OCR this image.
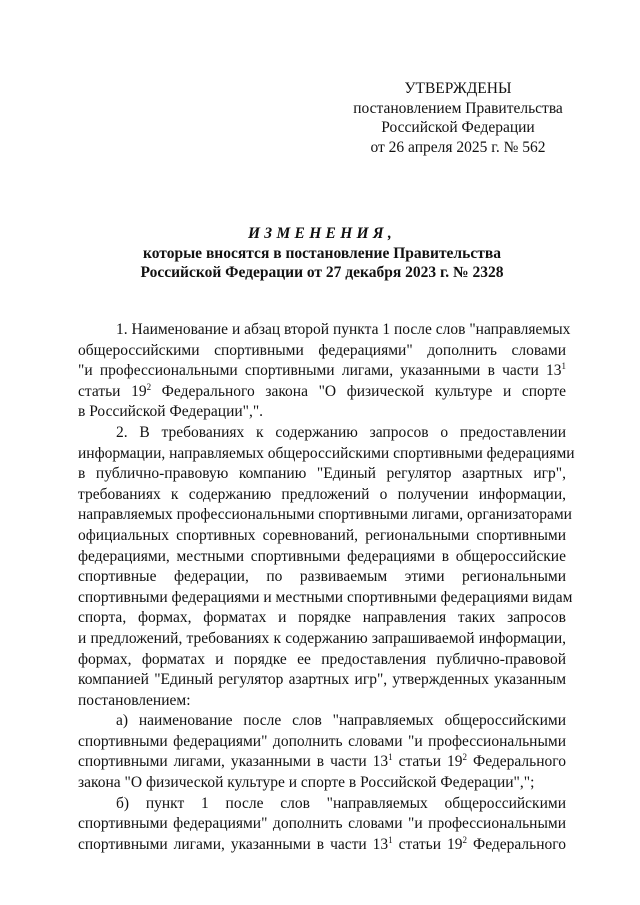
УТВЕРЖДЕНЫ
постановлением Правительства
Российской Федерации
от 26 апреля 2025 г. № 562
ИЗМЕНЕНИЯ,
которые вносятся в постановление Правительства
Российской Федерации от 27 декабря 2023 г. № 2328
1. Наименование и абзац второй пункта 1 после слов "направляемых
общероссийскими спортивными федерациями" дополнить словами
"и профессиональными спортивными лигами, указанными в части $13^1$
статьи $19^2$ Федерального закона "О физической культуре и спорте
в Российской Федерации",".
2. В требованиях к содержанию запросов о предоставлении
информации, направляемых общероссийскими спортивными федерациями
в публично-правовую компанию "Единый регулятор азартных игр",
требованиях к содержанию предложений о получении информации,
направляемых профессиональными спортивными лигами, организаторами
официальных спортивных соревнований, региональными спортивными
федерациями, местными спортивными федерациями в общероссийские
спортивные федерации, по развиваемым этими региональными
спортивными федерациями и местными спортивными федерациями видам
спорта, формах, форматах и порядке направления таких запросов
и предложений, требованиях к содержанию запрашиваемой информации,
формах, форматах и порядке ее предоставления публично-правовой
компанией "Единый регулятор азартных игр", утвержденных указанным
постановлением:
а) наименование после слов "направляемых общероссийскими
спортивными федерациями" дополнить словами "и профессиональными
спортивными лигами, указанными в части $13^1$ статьи $19^2$ Федерального
закона "О физической культуре и спорте в Российской Федерации",";
б) пункт 1 после слов "направляемых общероссийскими
спортивными федерациями" дополнить словами "и профессиональными
спортивными лигами, указанными в части $13^1$ статьи $19^2$ Федерального
